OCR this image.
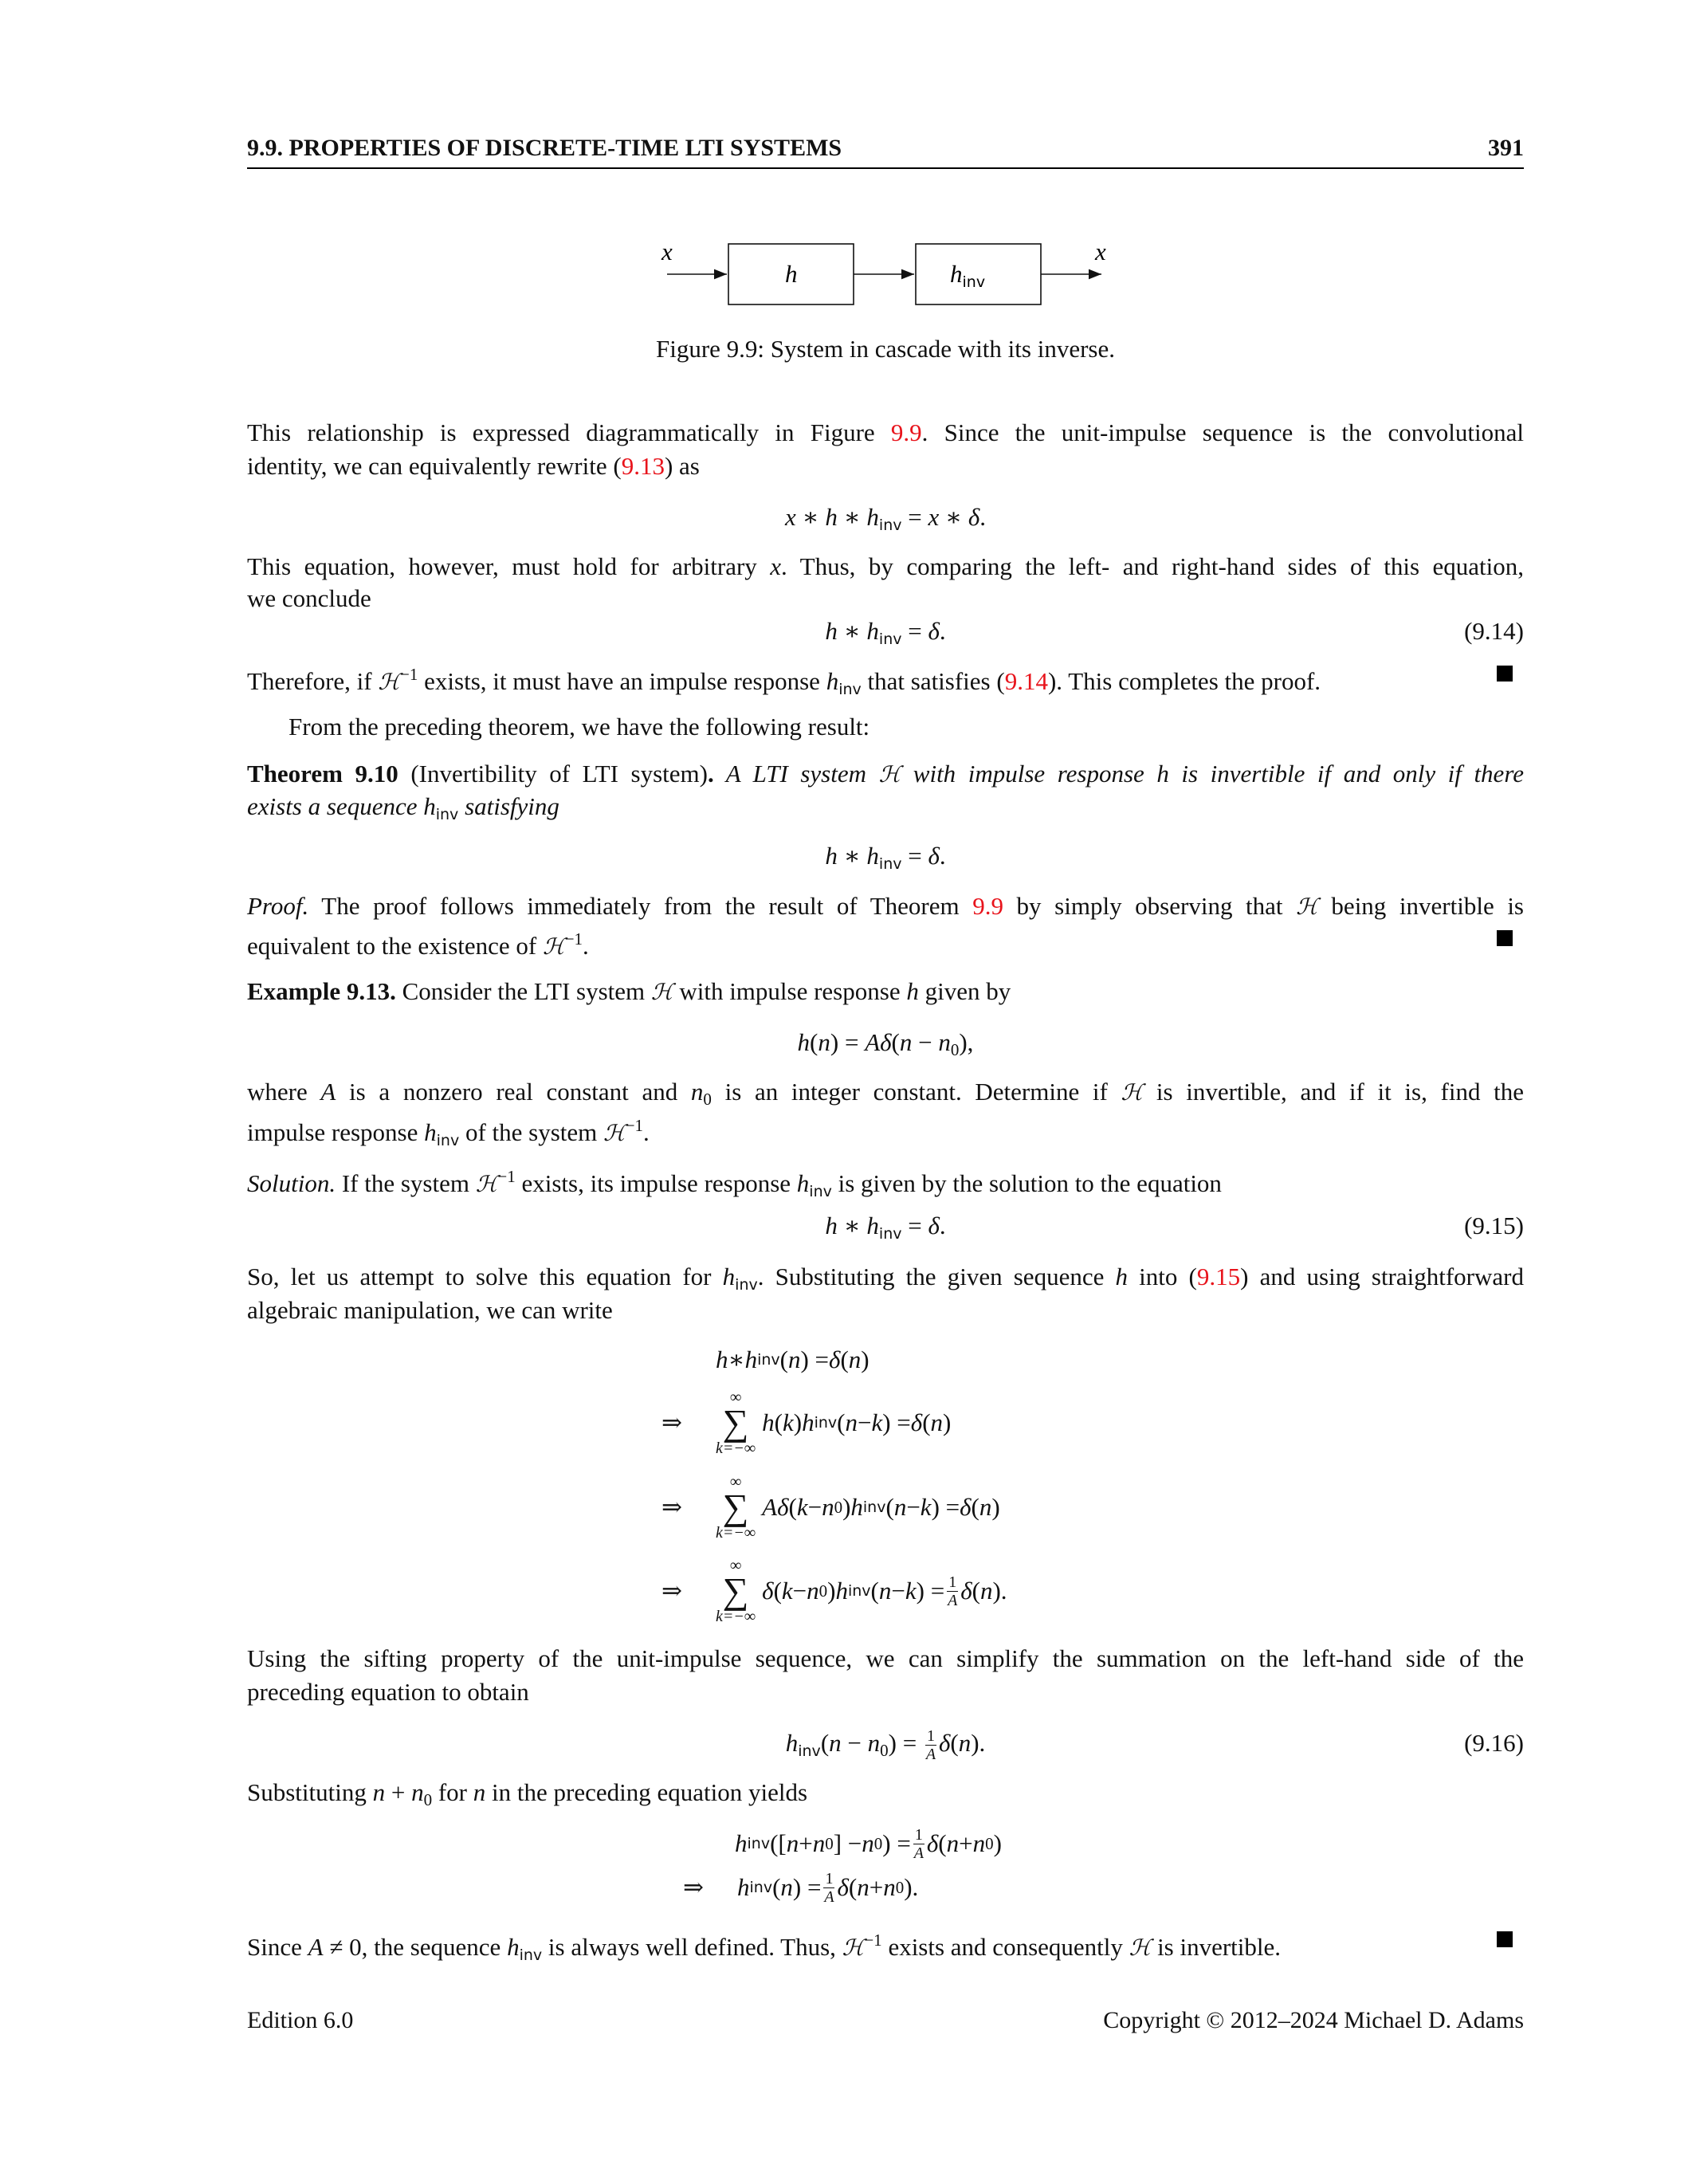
9.9. PROPERTIES OF DISCRETE-TIME LTI SYSTEMS	391
x
h	hinv
x
Figure 9.9: System in cascade with its inverse.
This relationship is expressed diagrammatically in Figure 9.9. Since the unit-impulse sequence is the convolutional
identity, we can equivalently rewrite (9.13) as
x ∗ h ∗ hinv = x ∗ δ.
This equation, however, must hold for arbitrary x. Thus, by comparing the left- and right-hand sides of this equation,
we conclude
h ∗ hinv = δ.	(9.14)
Therefore, if ℋ$^{-1}$ exists, it must have an impulse response hinv that satisfies (9.14). This completes the proof.
From the preceding theorem, we have the following result:
Theorem 9.10 (Invertibility of LTI system). A LTI system ℋ with impulse response h is invertible if and only if there
exists a sequence hinv satisfying
h ∗ hinv = δ.
Proof. The proof follows immediately from the result of Theorem 9.9 by simply observing that ℋ being invertible is
equivalent to the existence of ℋ$^{-1}$.
Example 9.13. Consider the LTI system ℋ with impulse response h given by
h(n) = Aδ(n − n0),
where A is a nonzero real constant and n0 is an integer constant. Determine if ℋ is invertible, and if it is, find the
impulse response hinv of the system ℋ$^{-1}$.
Solution. If the system ℋ$^{-1}$ exists, its impulse response hinv is given by the solution to the equation
h ∗ hinv = δ.	(9.15)
So, let us attempt to solve this equation for hinv. Substituting the given sequence h into (9.15) and using straightforward
algebraic manipulation, we can write
h ∗ h inv ( n ) = δ ( n )
⇒
∞
∑
k=−∞
h ( k ) h inv ( n − k ) = δ ( n )
⇒
∞
∑
k=−∞
A δ ( k − n 0 ) h inv ( n − k ) = δ ( n )
⇒
∞
∑
k=−∞
δ ( k − n 0 ) h inv ( n − k ) = $\frac{1}{A}$ δ ( n ).
Using the sifting property of the unit-impulse sequence, we can simplify the summation on the left-hand side of the
preceding equation to obtain
hinv(n − $n0) = \frac{1}{A} \delta(n)$.	(9.16)
Substituting n + n0 for n in the preceding equation yields
h inv ([ n + n 0 ] − n 0 ) = $\frac{1}{A}$ δ ( n + n 0 )
⇒	h inv ( n ) = $\frac{1}{A}$ δ ( n + n 0 ).
Since A ≠ 0, the sequence hinv is always well defined. Thus, ℋ$^{-1}$ exists and consequently ℋ is invertible.
Edition 6.0	Copyright © 2012–2024 Michael D. Adams
